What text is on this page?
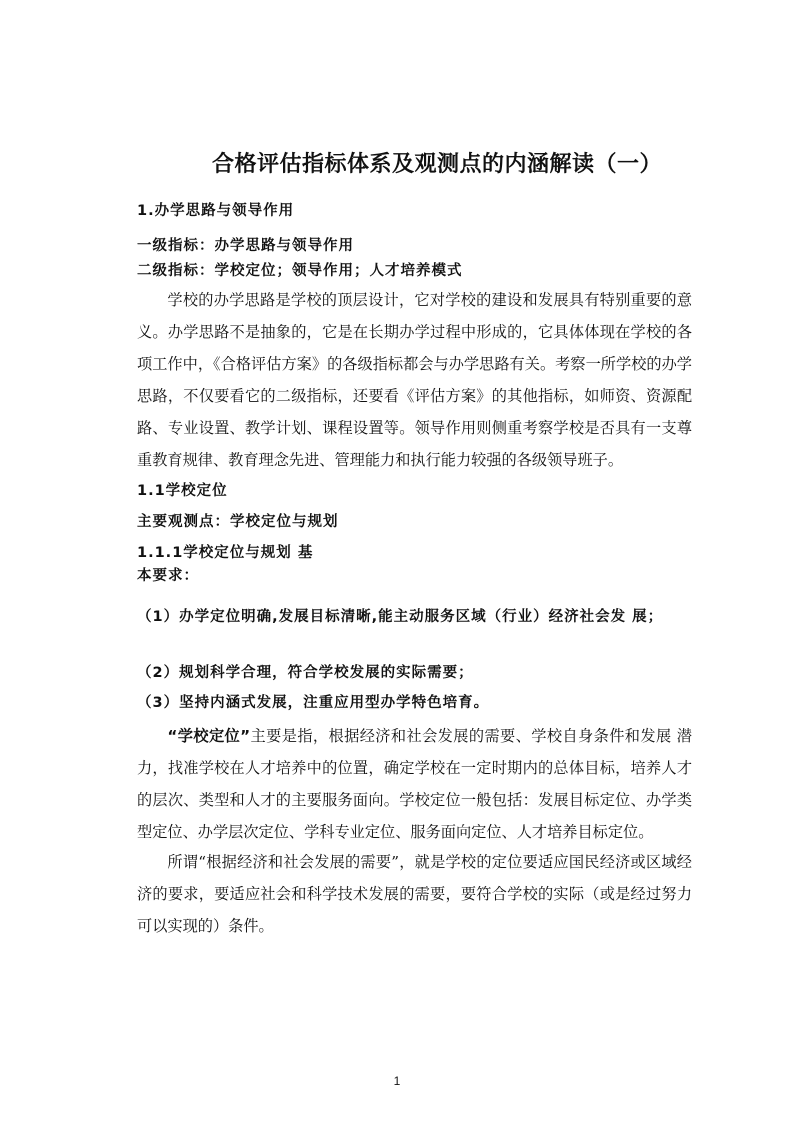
合格评估指标体系及观测点的内涵解读（一）

1.办学思路与领导作用

一级指标：办学思路与领导作用

二级指标：学校定位；领导作用；人才培养模式

学校的办学思路是学校的顶层设计，它对学校的建设和发展具有特别重要的意义。办学思路不是抽象的，它是在长期办学过程中形成的，它具体体现在学校的各项工作中，《合格评估方案》的各级指标都会与办学思路有关。考察一所学校的办学思路，不仅要看它的二级指标，还要看《评估方案》的其他指标，如师资、资源配路、专业设置、教学计划、课程设置等。领导作用则侧重考察学校是否具有一支尊重教育规律、教育理念先进、管理能力和执行能力较强的各级领导班子。

1.1学校定位

主要观测点：学校定位与规划

1.1.1学校定位与规划 基

本要求：

（1）办学定位明确,发展目标清晰,能主动服务区域（行业）经济社会发 展；

（2）规划科学合理，符合学校发展的实际需要；

（3）坚持内涵式发展，注重应用型办学特色培育。

“学校定位”主要是指，根据经济和社会发展的需要、学校自身条件和发展 潜力，找准学校在人才培养中的位置，确定学校在一定时期内的总体目标，培养人才的层次、类型和人才的主要服务面向。学校定位一般包括：发展目标定位、办学类型定位、办学层次定位、学科专业定位、服务面向定位、人才培养目标定位。

所谓“根据经济和社会发展的需要”，就是学校的定位要适应国民经济或区域经济的要求，要适应社会和科学技术发展的需要，要符合学校的实际（或是经过努力可以实现的）条件。

1
